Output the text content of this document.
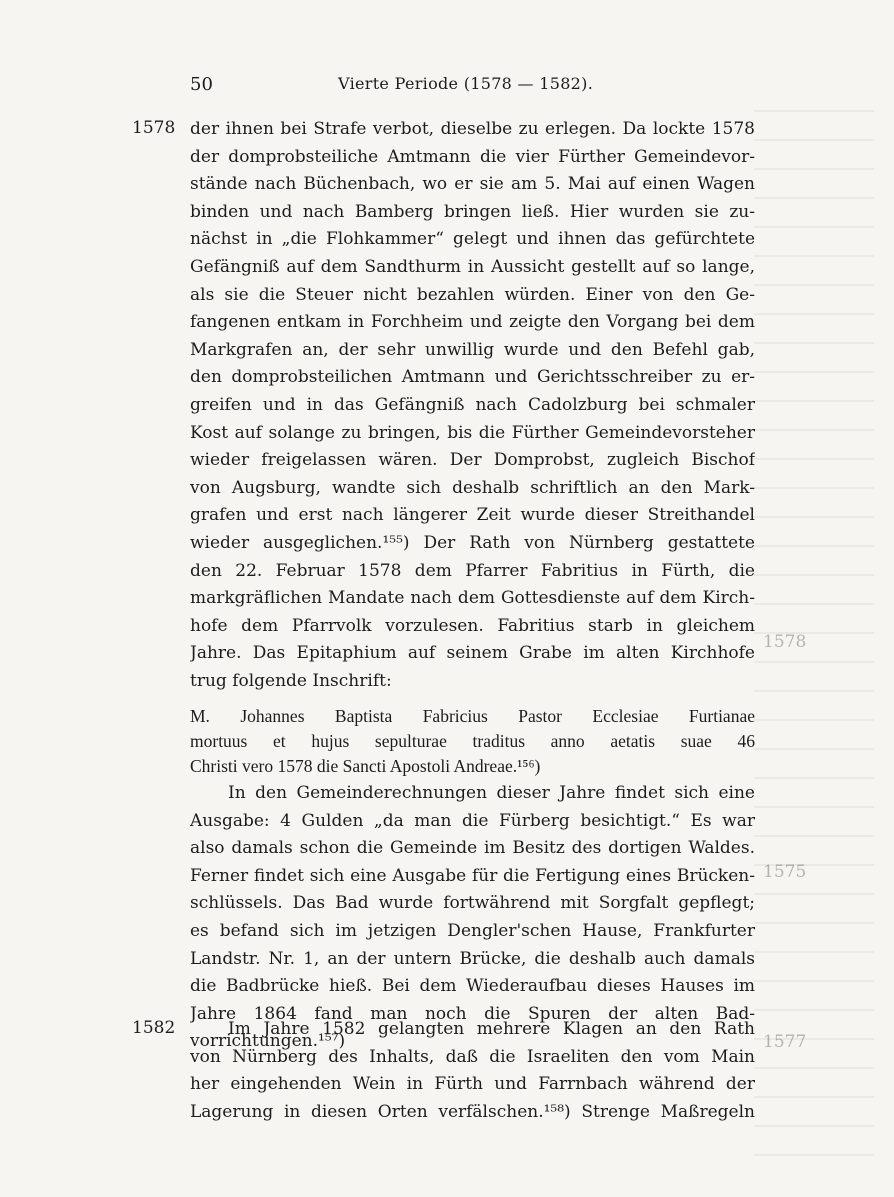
50	Vierte Periode (1578 — 1582).
1578
1582
1578
1575
1577
der ihnen bei Strafe verbot, dieselbe zu erlegen. Da lockte 1578
der domprobsteiliche Amtmann die vier Fürther Gemeindevor-
stände nach Büchenbach, wo er sie am 5. Mai auf einen Wagen
binden und nach Bamberg bringen ließ. Hier wurden sie zu-
nächst in „die Flohkammer“ gelegt und ihnen das gefürchtete
Gefängniß auf dem Sandthurm in Aussicht gestellt auf so lange,
als sie die Steuer nicht bezahlen würden. Einer von den Ge-
fangenen entkam in Forchheim und zeigte den Vorgang bei dem
Markgrafen an, der sehr unwillig wurde und den Befehl gab,
den domprobsteilichen Amtmann und Gerichtsschreiber zu er-
greifen und in das Gefängniß nach Cadolzburg bei schmaler
Kost auf solange zu bringen, bis die Fürther Gemeindevorsteher
wieder freigelassen wären. Der Domprobst, zugleich Bischof
von Augsburg, wandte sich deshalb schriftlich an den Mark-
grafen und erst nach längerer Zeit wurde dieser Streithandel
wieder ausgeglichen.¹⁵⁵) Der Rath von Nürnberg gestattete
den 22. Februar 1578 dem Pfarrer Fabritius in Fürth, die
markgräflichen Mandate nach dem Gottesdienste auf dem Kirch-
hofe dem Pfarrvolk vorzulesen. Fabritius starb in gleichem
Jahre. Das Epitaphium auf seinem Grabe im alten Kirchhofe
trug folgende Inschrift:
M. Johannes Baptista Fabricius Pastor Ecclesiae Furtianae
mortuus et hujus sepulturae traditus anno aetatis suae 46
Christi vero 1578 die Sancti Apostoli Andreae.¹⁵⁶)
In den Gemeinderechnungen dieser Jahre findet sich eine
Ausgabe: 4 Gulden „da man die Fürberg besichtigt.“ Es war
also damals schon die Gemeinde im Besitz des dortigen Waldes.
Ferner findet sich eine Ausgabe für die Fertigung eines Brücken-
schlüssels. Das Bad wurde fortwährend mit Sorgfalt gepflegt;
es befand sich im jetzigen Dengler'schen Hause, Frankfurter
Landstr. Nr. 1, an der untern Brücke, die deshalb auch damals
die Badbrücke hieß. Bei dem Wiederaufbau dieses Hauses im
Jahre 1864 fand man noch die Spuren der alten Bad-
vorrichtungen.¹⁵⁷)
Im Jahre 1582 gelangten mehrere Klagen an den Rath
von Nürnberg des Inhalts, daß die Israeliten den vom Main
her eingehenden Wein in Fürth und Farrnbach während der
Lagerung in diesen Orten verfälschen.¹⁵⁸) Strenge Maßregeln
